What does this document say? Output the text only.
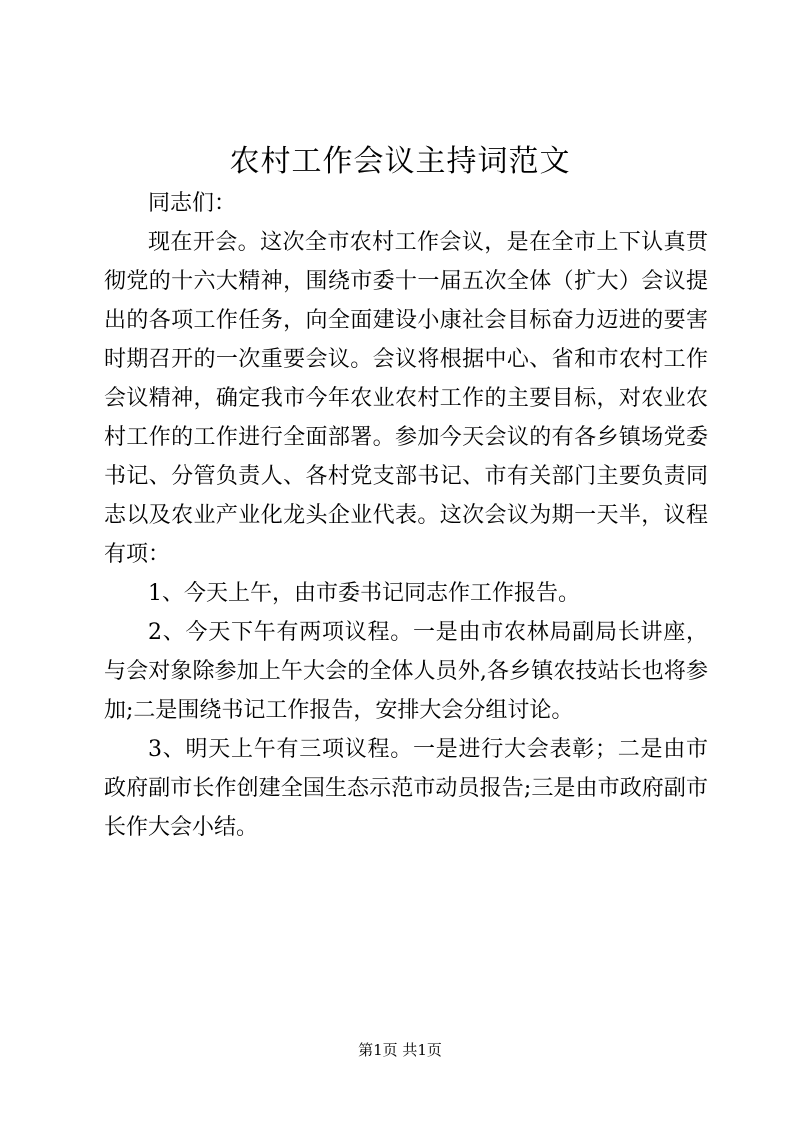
农村工作会议主持词范文

同志们：

现在开会。这次全市农村工作会议，是在全市上下认真贯彻党的十六大精神，围绕市委十一届五次全体（扩大）会议提出的各项工作任务，向全面建设小康社会目标奋力迈进的要害时期召开的一次重要会议。会议将根据中心、省和市农村工作会议精神，确定我市今年农业农村工作的主要目标，对农业农村工作的工作进行全面部署。参加今天会议的有各乡镇场党委书记、分管负责人、各村党支部书记、市有关部门主要负责同志以及农业产业化龙头企业代表。这次会议为期一天半，议程有项：

1、今天上午，由市委书记同志作工作报告。

2、今天下午有两项议程。一是由市农林局副局长讲座，与会对象除参加上午大会的全体人员外,各乡镇农技站长也将参加;二是围绕书记工作报告，安排大会分组讨论。

3、明天上午有三项议程。一是进行大会表彰；二是由市政府副市长作创建全国生态示范市动员报告;三是由市政府副市长作大会小结。

第1页 共1页
